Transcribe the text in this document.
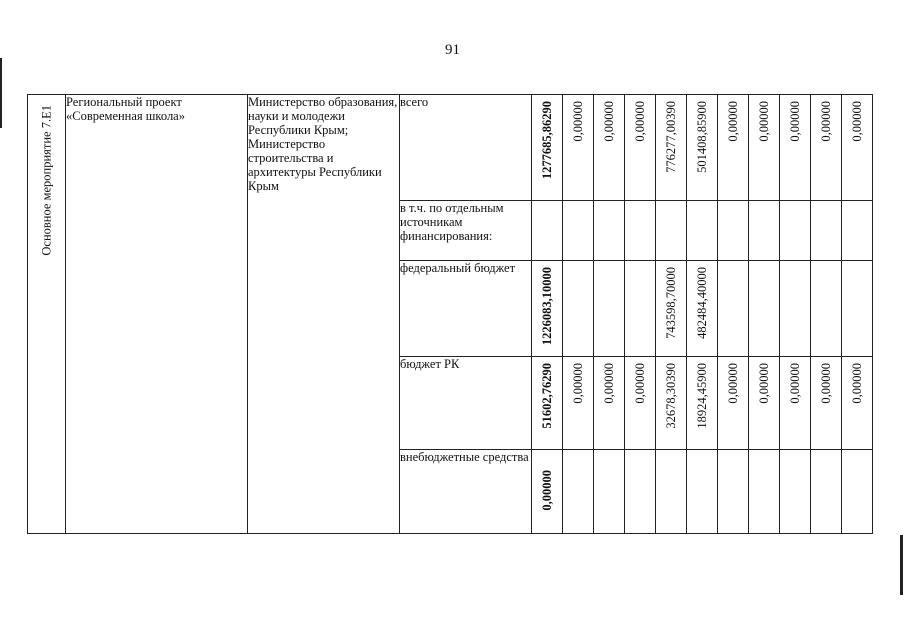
91
Основное мероприятие 7.Е1	Региональный проект «Современная школа»	Министерство образования, науки и молодежи Республики Крым; Министерство строительства и архитектуры Республики Крым	всего	1277685,86290	0,00000	0,00000	0,00000	776277,00390	501408,85900	0,00000	0,00000	0,00000	0,00000	0,00000

			в т.ч. по отдельным источникам финансирования:											
			федеральный бюджет	1226083,10000				743598,70000	482484,40000					

			бюджет РК	51602,76290	0,00000	0,00000	0,00000	32678,30390	18924,45900	0,00000	0,00000	0,00000	0,00000	0,00000

			внебюджетные средства	0,00000										
